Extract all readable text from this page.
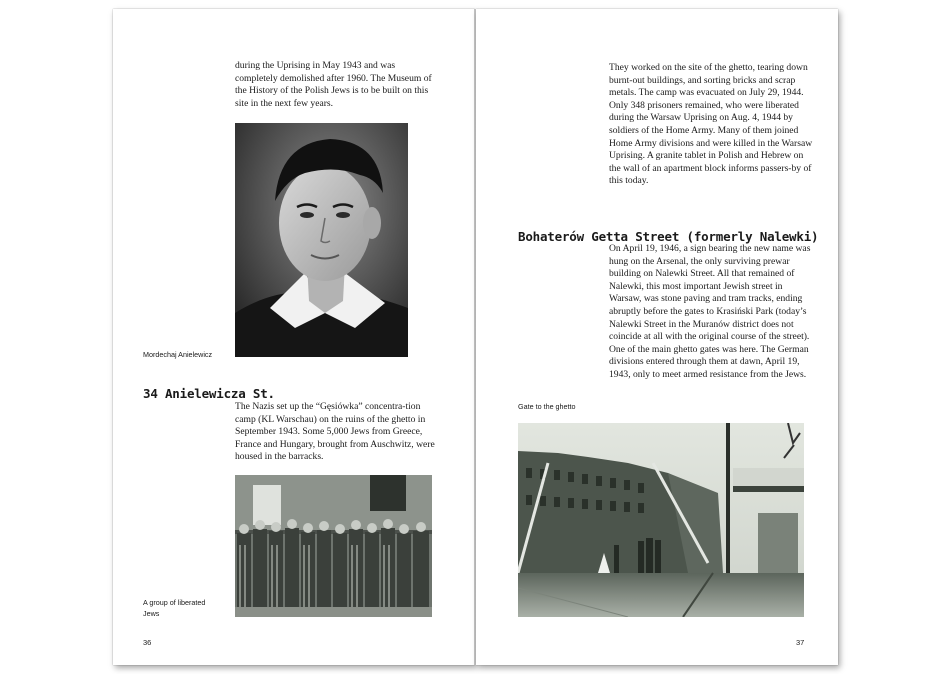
during the Uprising in May 1943 and was completely demolished after 1960. The Museum of the History of the Polish Jews is to be built on this site in the next few years.

Mordechaj Anielewicz

34 Anielewicza St.

The Nazis set up the “Gęsiówka” concentra-tion camp (KL Warschau) on the ruins of the ghetto in September 1943. Some 5,000 Jews from Greece, France and Hungary, brought from Auschwitz, were housed in the barracks.

A group of liberated Jews

36

They worked on the site of the ghetto, tearing down burnt-out buildings, and sorting bricks and scrap metals. The camp was evacuated on July 29, 1944. Only 348 prisoners remained, who were liberated during the Warsaw Uprising on Aug. 4, 1944 by soldiers of the Home Army. Many of them joined Home Army divisions and were killed in the Warsaw Uprising. A granite tablet in Polish and Hebrew on the wall of an apartment block informs passers-by of this today.

Bohaterów Getta Street (formerly Nalewki)

On April 19, 1946, a sign bearing the new name was hung on the Arsenal, the only surviving prewar building on Nalewki Street. All that remained of Nalewki, this most important Jewish street in Warsaw, was stone paving and tram tracks, ending abruptly before the gates to Krasiński Park (today’s Nalewki Street in the Muranów district does not coincide at all with the original course of the street). One of the main ghetto gates was here. The German divisions entered through them at dawn, April 19, 1943, only to meet armed resistance from the Jews.

Gate to the ghetto

37
